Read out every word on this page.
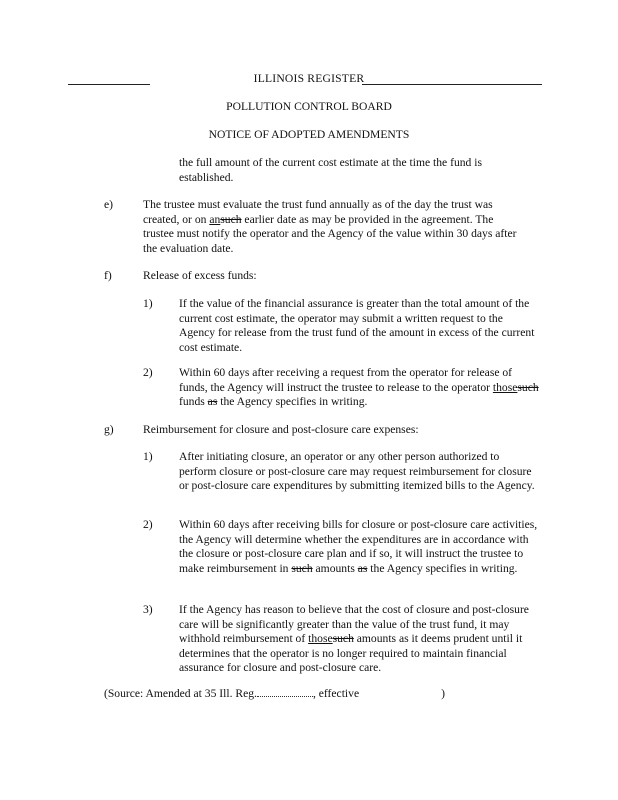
ILLINOIS REGISTER
POLLUTION CONTROL BOARD
NOTICE OF ADOPTED AMENDMENTS
the full amount of the current cost estimate at the time the fund is established.
e)	The trustee must evaluate the trust fund annually as of the day the trust was created, or on ansuch earlier date as may be provided in the agreement. The trustee must notify the operator and the Agency of the value within 30 days after the evaluation date.
f)	Release of excess funds:
1) If the value of the financial assurance is greater than the total amount of the current cost estimate, the operator may submit a written request to the Agency for release from the trust fund of the amount in excess of the current cost estimate.
2) Within 60 days after receiving a request from the operator for release of funds, the Agency will instruct the trustee to release to the operator thosesuch funds as the Agency specifies in writing.
g)	Reimbursement for closure and post-closure care expenses:
1) After initiating closure, an operator or any other person authorized to perform closure or post-closure care may request reimbursement for closure or post-closure care expenditures by submitting itemized bills to the Agency.
2) Within 60 days after receiving bills for closure or post-closure care activities, the Agency will determine whether the expenditures are in accordance with the closure or post-closure care plan and if so, it will instruct the trustee to make reimbursement in such amounts as the Agency specifies in writing.
3) If the Agency has reason to believe that the cost of closure and post-closure care will be significantly greater than the value of the trust fund, it may withhold reimbursement of thosesuch amounts as it deems prudent until it determines that the operator is no longer required to maintain financial assurance for closure and post-closure care.
(Source: Amended at 35 Ill. Reg.	, effective	)
